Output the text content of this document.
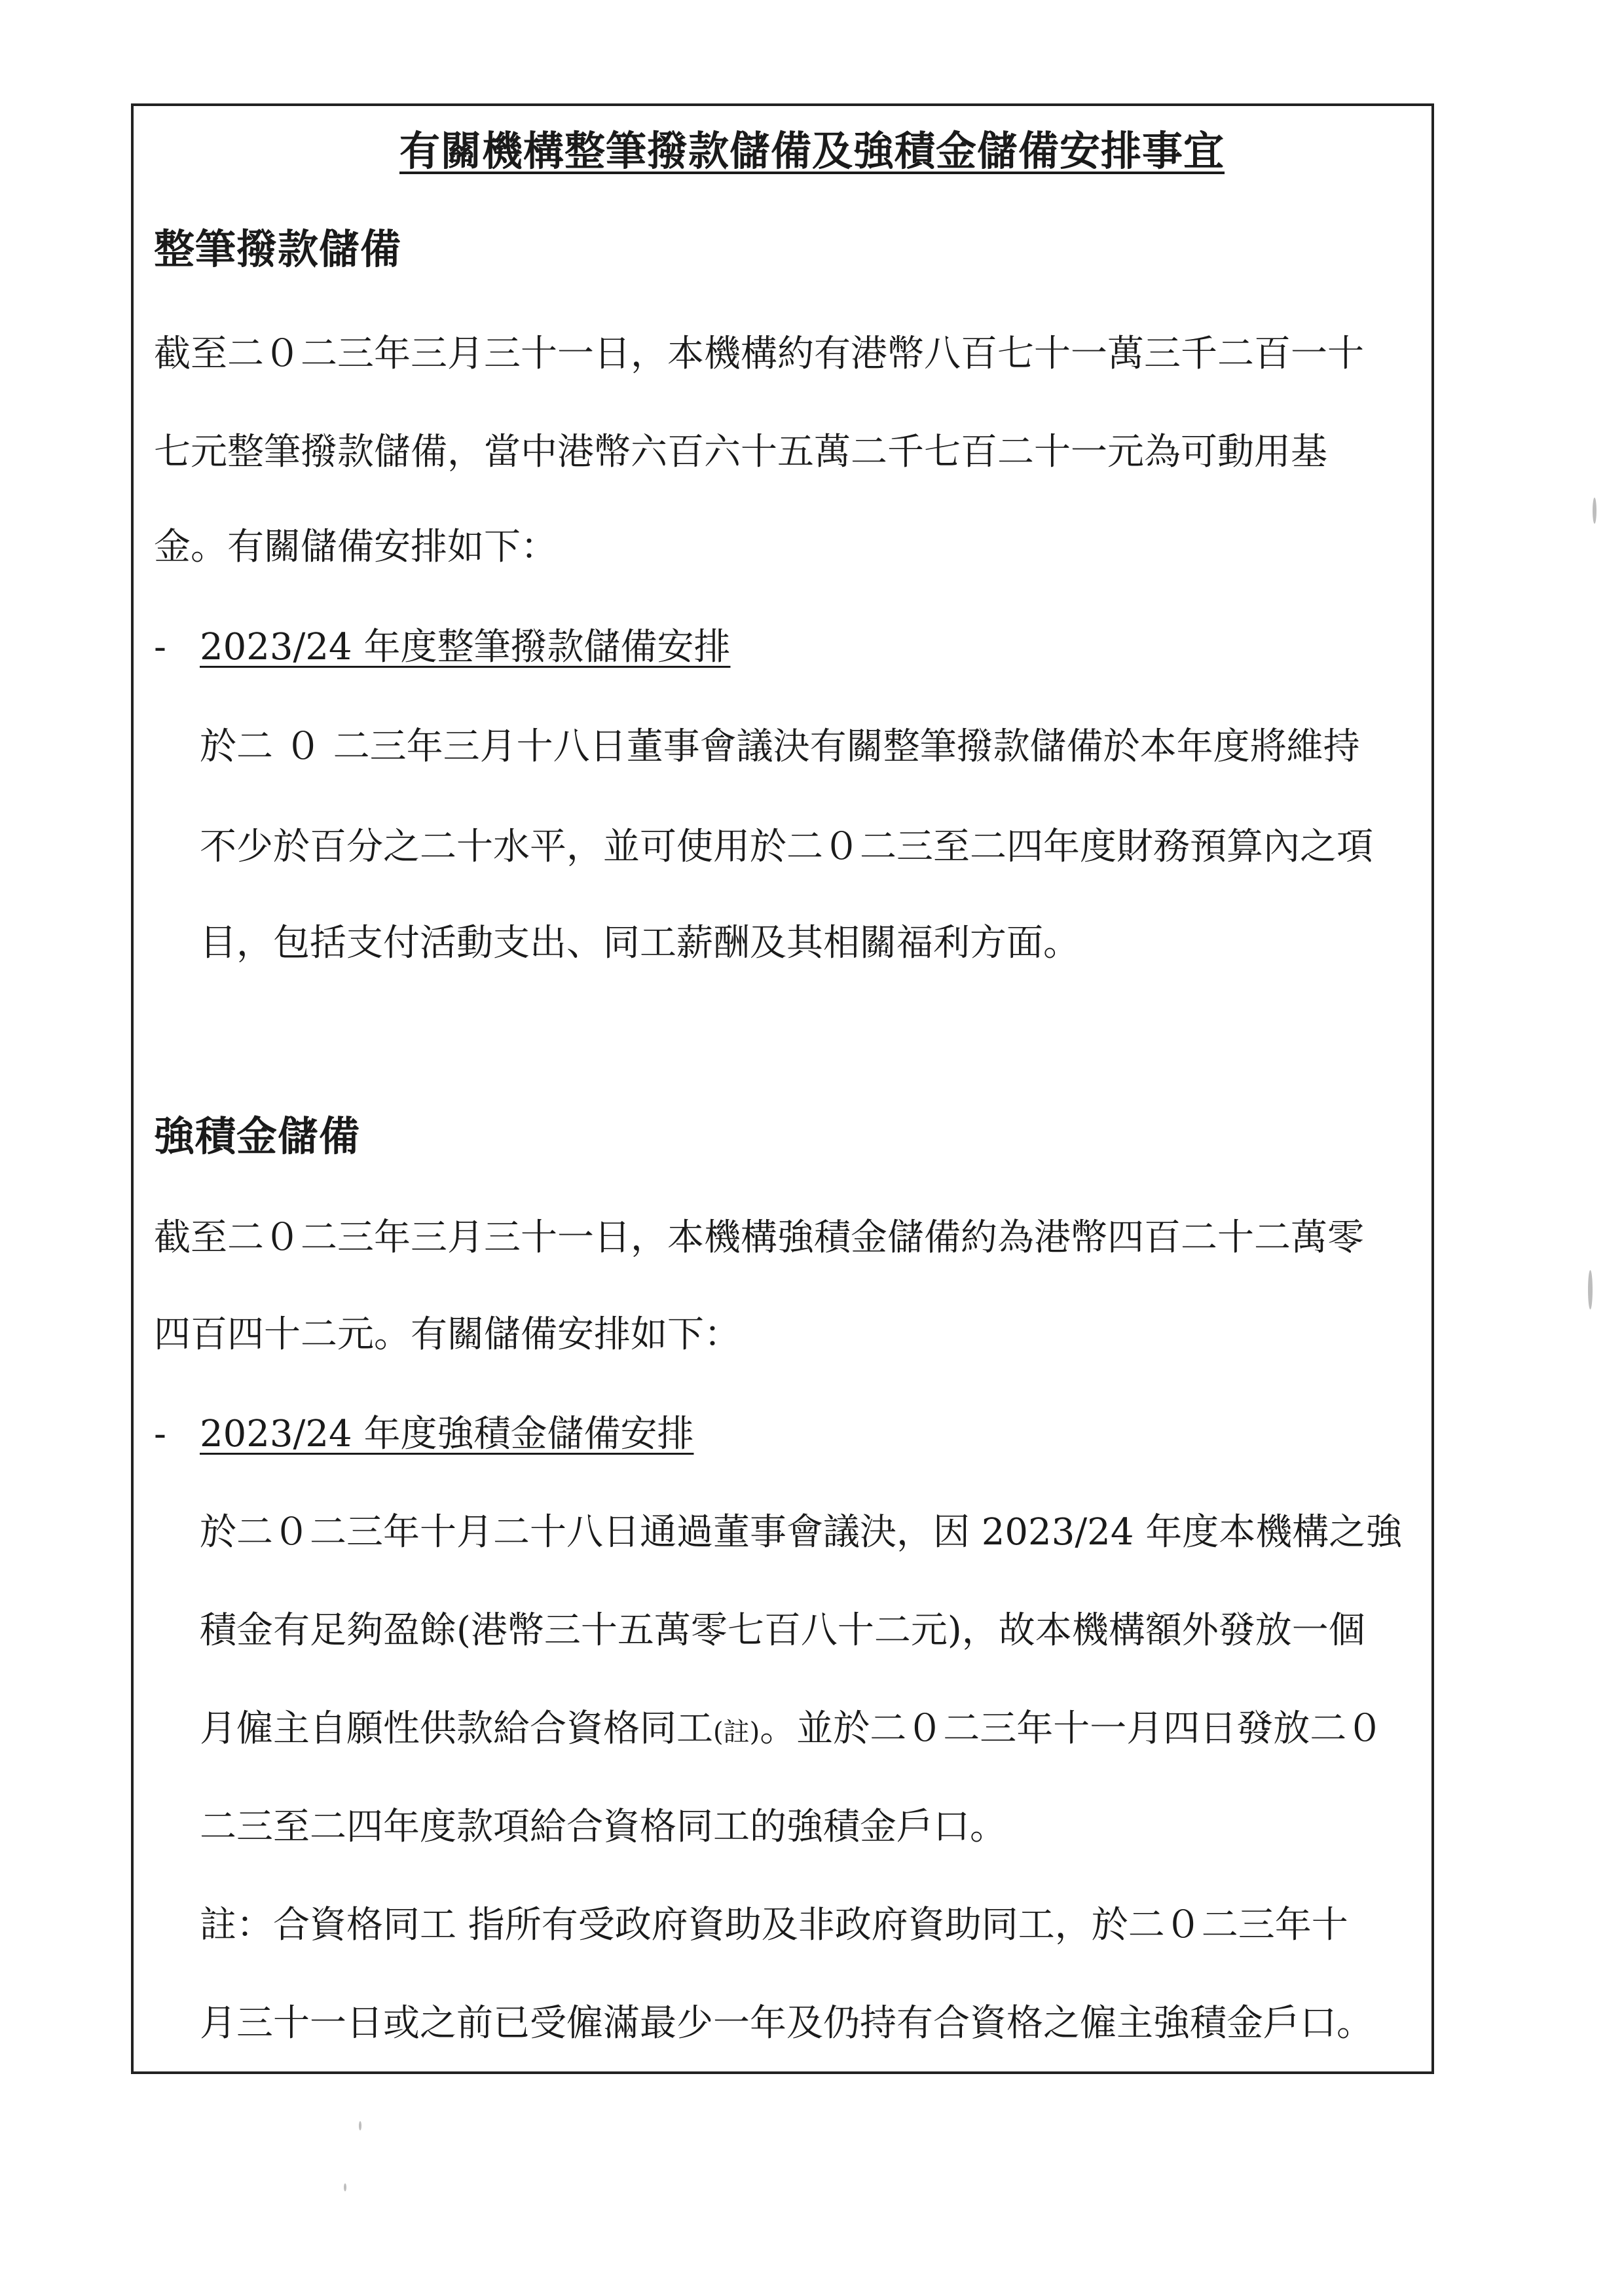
有關機構整筆撥款儲備及強積金儲備安排事宜
整筆撥款儲備
截至二０二三年三月三十一日，本機構約有港幣八百七十一萬三千二百一十
七元整筆撥款儲備，當中港幣六百六十五萬二千七百二十一元為可動用基
金。有關儲備安排如下：
- 2023/24 年度整筆撥款儲備安排
於二 ０ 二三年三月十八日董事會議決有關整筆撥款儲備於本年度將維持
不少於百分之二十水平，並可使用於二０二三至二四年度財務預算內之項
目，包括支付活動支出、同工薪酬及其相關福利方面。
強積金儲備
截至二０二三年三月三十一日，本機構強積金儲備約為港幣四百二十二萬零
四百四十二元。有關儲備安排如下：
- 2023/24 年度強積金儲備安排
於二０二三年十月二十八日通過董事會議決，因 2023/24 年度本機構之強
積金有足夠盈餘(港幣三十五萬零七百八十二元)，故本機構額外發放一個
月僱主自願性供款給合資格同工(註)。並於二０二三年十一月四日發放二０
二三至二四年度款項給合資格同工的強積金戶口。
註：合資格同工 指所有受政府資助及非政府資助同工，於二０二三年十
月三十一日或之前已受僱滿最少一年及仍持有合資格之僱主強積金戶口。
